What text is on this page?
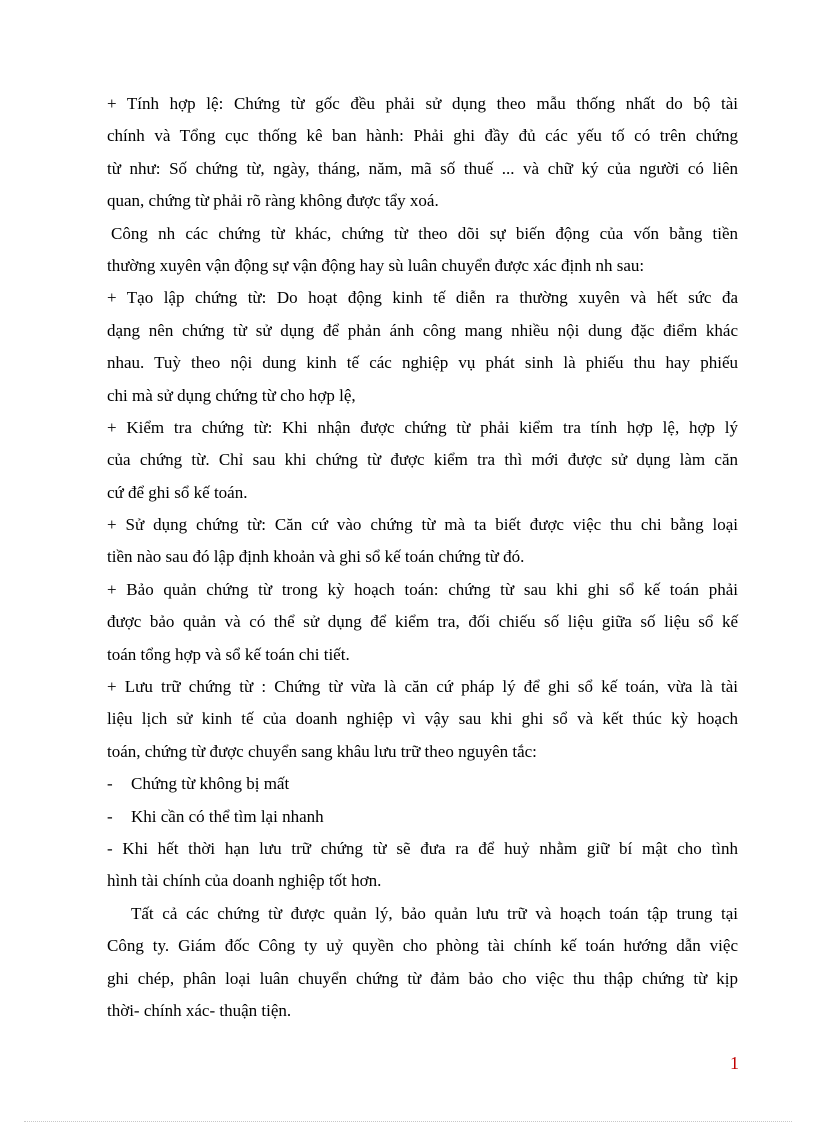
+ Tính hợp lệ: Chứng từ gốc đều phải sử dụng theo mẫu thống nhất do bộ tài
chính và Tổng cục thống kê ban hành: Phải ghi đầy đủ các yếu tố có trên chứng
từ như: Số chứng từ, ngày, tháng, năm, mã số thuế ... và chữ ký của người có liên
quan, chứng từ phải rõ ràng không được tẩy xoá.
Công nh các chứng từ khác, chứng từ theo dõi sự biến động của vốn bằng tiền
thường xuyên vận động sự vận động hay sù luân chuyển được xác định nh sau:
+ Tạo lập chứng từ: Do hoạt động kinh tế diễn ra thường xuyên và hết sức đa
dạng nên chứng từ sử dụng để phản ánh công mang nhiều nội dung đặc điểm khác
nhau. Tuỳ theo nội dung kinh tế các nghiệp vụ phát sinh là phiếu thu hay phiếu
chi mà sử dụng chứng từ cho hợp lệ,
+ Kiểm tra chứng từ: Khi nhận được chứng từ phải kiểm tra tính hợp lệ, hợp lý
của chứng từ. Chỉ sau khi chứng từ được kiểm tra thì mới được sử dụng làm căn
cứ để ghi sổ kế toán.
+ Sử dụng chứng từ: Căn cứ vào chứng từ mà ta biết được việc thu chi bằng loại
tiền nào sau đó lập định khoản và ghi sổ kế toán chứng từ đó.
+ Bảo quản chứng từ trong kỳ hoạch toán: chứng từ sau khi ghi sổ kế toán phải
được bảo quản và có thể sử dụng để kiểm tra, đối chiếu số liệu giữa số liệu sổ kế
toán tổng hợp và sổ kế toán chi tiết.
+ Lưu trữ chứng từ : Chứng từ vừa là căn cứ pháp lý để ghi sổ kế toán, vừa là tài
liệu lịch sử kinh tế của doanh nghiệp vì vậy sau khi ghi sổ và kết thúc kỳ hoạch
toán, chứng từ được chuyển sang khâu lưu trữ theo nguyên tắc:
-	Chứng từ không bị mất
-	Khi cần có thể tìm lại nhanh
- Khi hết thời hạn lưu trữ chứng từ sẽ đưa ra để huỷ nhằm giữ bí mật cho tình
hình tài chính của doanh nghiệp tốt hơn.
Tất cả các chứng từ được quản lý, bảo quản lưu trữ và hoạch toán tập trung tại
Công ty. Giám đốc Công ty uỷ quyền cho phòng tài chính kế toán hướng dẫn việc
ghi chép, phân loại luân chuyển chứng từ đảm bảo cho việc thu thập chứng từ kịp
thời- chính xác- thuận tiện.
1
